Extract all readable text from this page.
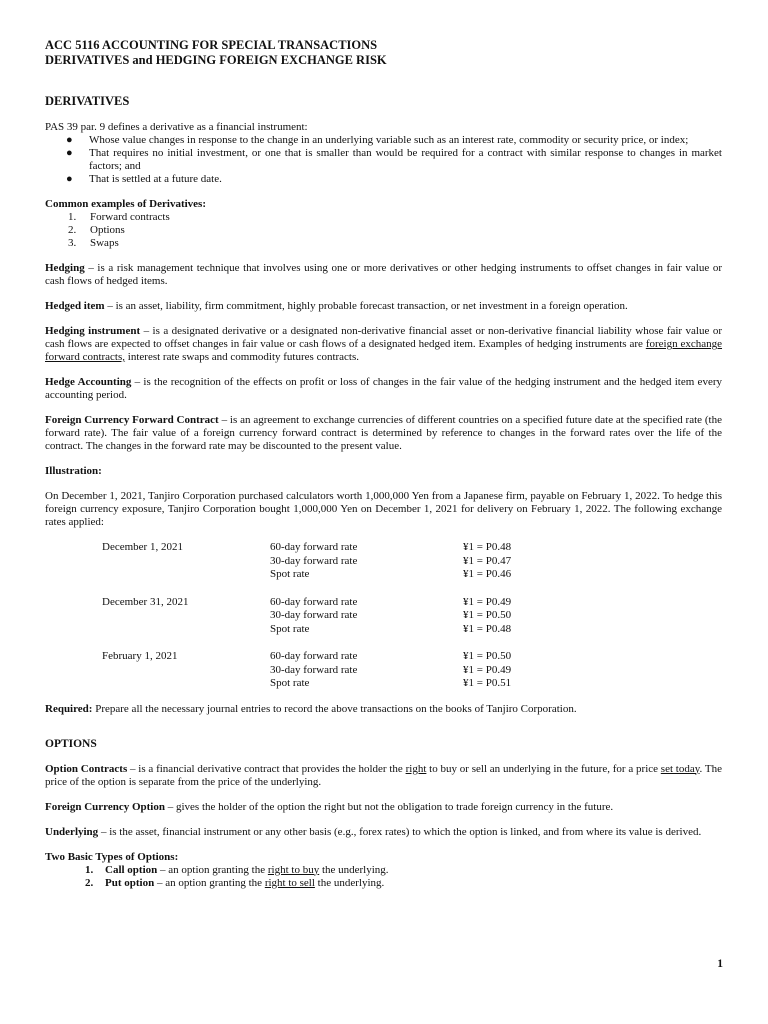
ACC 5116 ACCOUNTING FOR SPECIAL TRANSACTIONS
DERIVATIVES and HEDGING FOREIGN EXCHANGE RISK
DERIVATIVES

PAS 39 par. 9 defines a derivative as a financial instrument:

● Whose value changes in response to the change in an underlying variable such as an interest rate, commodity or security price, or index;
● That requires no initial investment, or one that is smaller than would be required for a contract with similar response to changes in market factors; and
● That is settled at a future date.

Common examples of Derivatives:

1. Forward contracts
2. Options
3. Swaps

Hedging – is a risk management technique that involves using one or more derivatives or other hedging instruments to offset changes in fair value or cash flows of hedged items.

Hedged item – is an asset, liability, firm commitment, highly probable forecast transaction, or net investment in a foreign operation.

Hedging instrument – is a designated derivative or a designated non-derivative financial asset or non-derivative financial liability whose fair value or cash flows are expected to offset changes in fair value or cash flows of a designated hedged item. Examples of hedging instruments are foreign exchange forward contracts, interest rate swaps and commodity futures contracts.

Hedge Accounting – is the recognition of the effects on profit or loss of changes in the fair value of the hedging instrument and the hedged item every accounting period.

Foreign Currency Forward Contract – is an agreement to exchange currencies of different countries on a specified future date at the specified rate (the forward rate). The fair value of a foreign currency forward contract is determined by reference to changes in the forward rates over the life of the contract. The changes in the forward rate may be discounted to the present value.

Illustration:

On December 1, 2021, Tanjiro Corporation purchased calculators worth 1,000,000 Yen from a Japanese firm, payable on February 1, 2022. To hedge this foreign currency exposure, Tanjiro Corporation bought 1,000,000 Yen on December 1, 2021 for delivery on February 1, 2022. The following exchange rates applied:

December 1, 2021	60-day forward rate	¥1 = P0.48
30-day forward rate	¥1 = P0.47
Spot rate	¥1 = P0.46
December 31, 2021	60-day forward rate	¥1 = P0.49
30-day forward rate	¥1 = P0.50
Spot rate	¥1 = P0.48
February 1, 2021	60-day forward rate	¥1 = P0.50
30-day forward rate	¥1 = P0.49
Spot rate	¥1 = P0.51

Required: Prepare all the necessary journal entries to record the above transactions on the books of Tanjiro Corporation.

OPTIONS

Option Contracts – is a financial derivative contract that provides the holder the right to buy or sell an underlying in the future, for a price set today. The price of the option is separate from the price of the underlying.

Foreign Currency Option – gives the holder of the option the right but not the obligation to trade foreign currency in the future.

Underlying – is the asset, financial instrument or any other basis (e.g., forex rates) to which the option is linked, and from where its value is derived.

Two Basic Types of Options:

1. Call option – an option granting the right to buy the underlying.
2. Put option – an option granting the right to sell the underlying.
1
